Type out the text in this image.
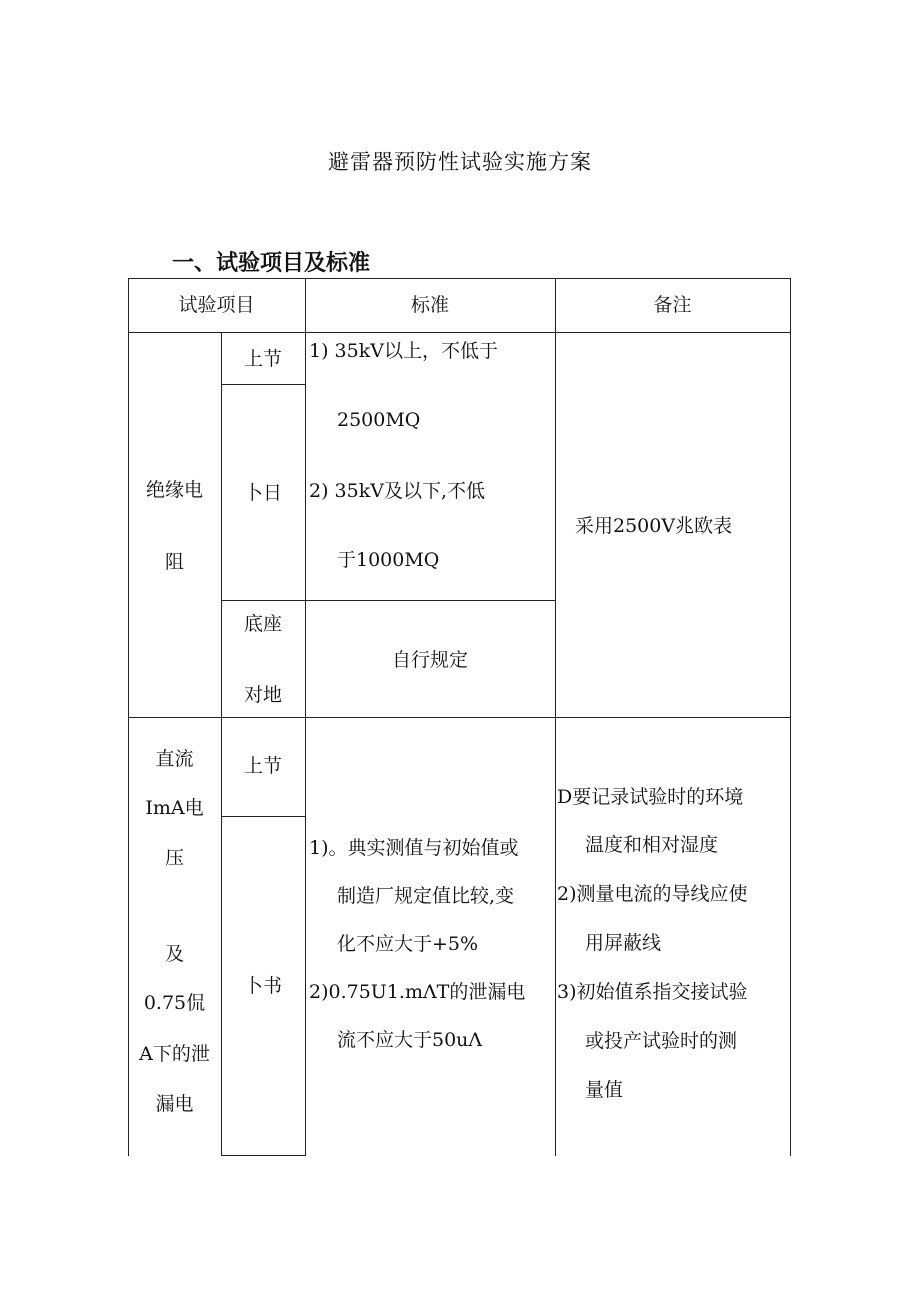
避雷器预防性试验实施方案
一、试验项目及标准
试验项目	标准	备注
绝缘电
阻
上节
卜日
底座
对地
1) 35kV以上，不低于
2500MQ
2) 35kV及以下,不低
于1000MQ
自行规定
采用2500V兆欧表
直流
ImA电
压
及
0.75侃
A下的泄
漏电
上节
卜书
1)。典实测值与初始值或
制造厂规定值比较,变
化不应大于+5%
2)0.75U1.mΛT的泄漏电
流不应大于50uΛ
D要记录试验时的环境
温度和相对湿度
2)测量电流的导线应使
用屏蔽线
3)初始值系指交接试验
或投产试验时的测
量值
